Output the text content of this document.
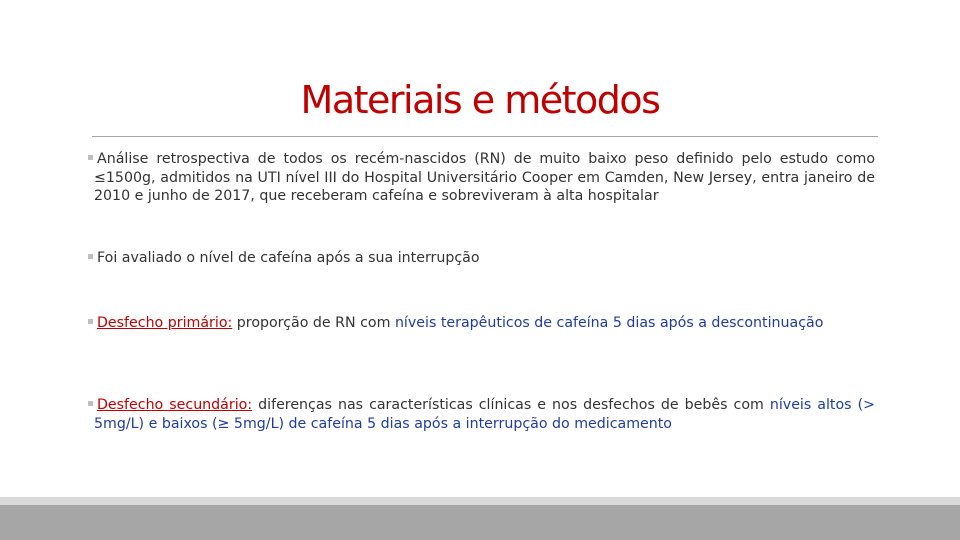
Materiais e métodos
Análise retrospectiva de todos os recém-nascidos (RN) de muito baixo peso definido pelo estudo como ≤1500g, admitidos na UTI nível III do Hospital Universitário Cooper em Camden, New Jersey, entra janeiro de 2010 e junho de 2017, que receberam cafeína e sobreviveram à alta hospitalar
Foi avaliado o nível de cafeína após a sua interrupção
Desfecho primário: proporção de RN com níveis terapêuticos de cafeína 5 dias após a descontinuação
Desfecho secundário: diferenças nas características clínicas e nos desfechos de bebês com níveis altos (> 5mg/L) e baixos (≥ 5mg/L) de cafeína 5 dias após a interrupção do medicamento
